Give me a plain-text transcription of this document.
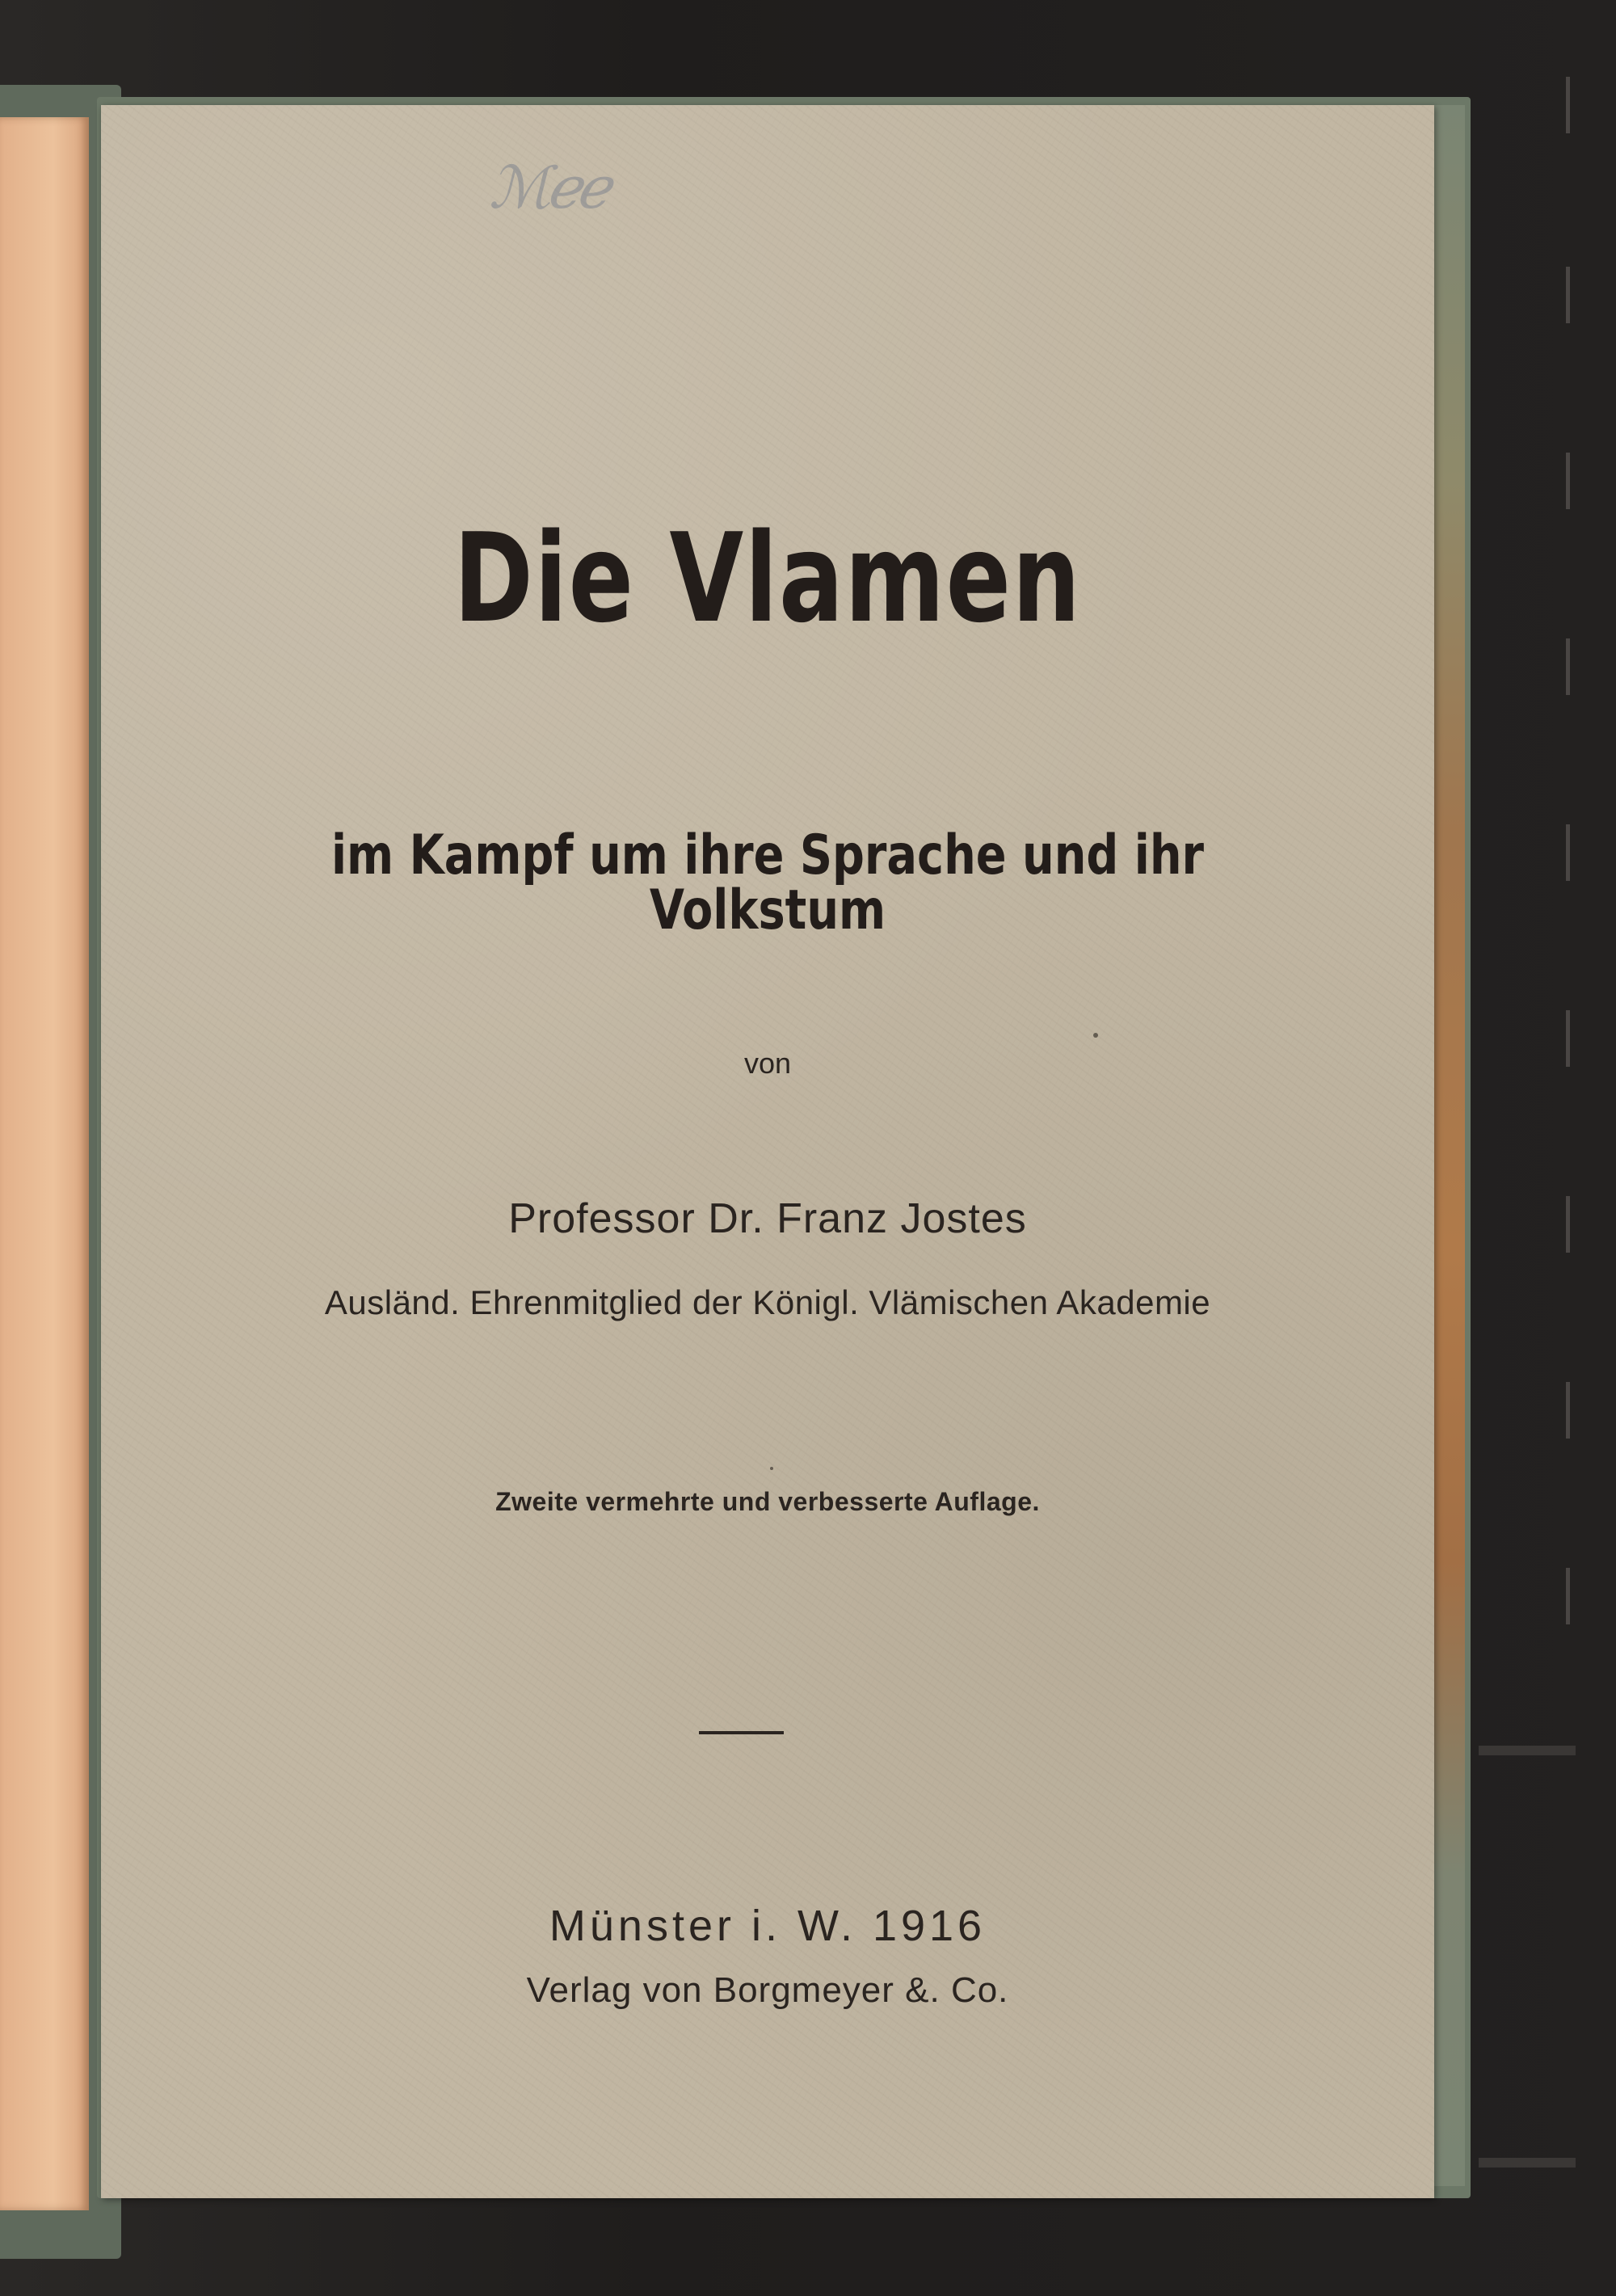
ℳℯℯ
Die Vlamen
im Kampf um ihre Sprache und ihr Volkstum
von
Professor Dr. Franz Jostes
Ausländ. Ehrenmitglied der Königl. Vlämischen Akademie
Zweite vermehrte und verbesserte Auflage.
Münster i. W. 1916
Verlag von Borgmeyer &. Co.
